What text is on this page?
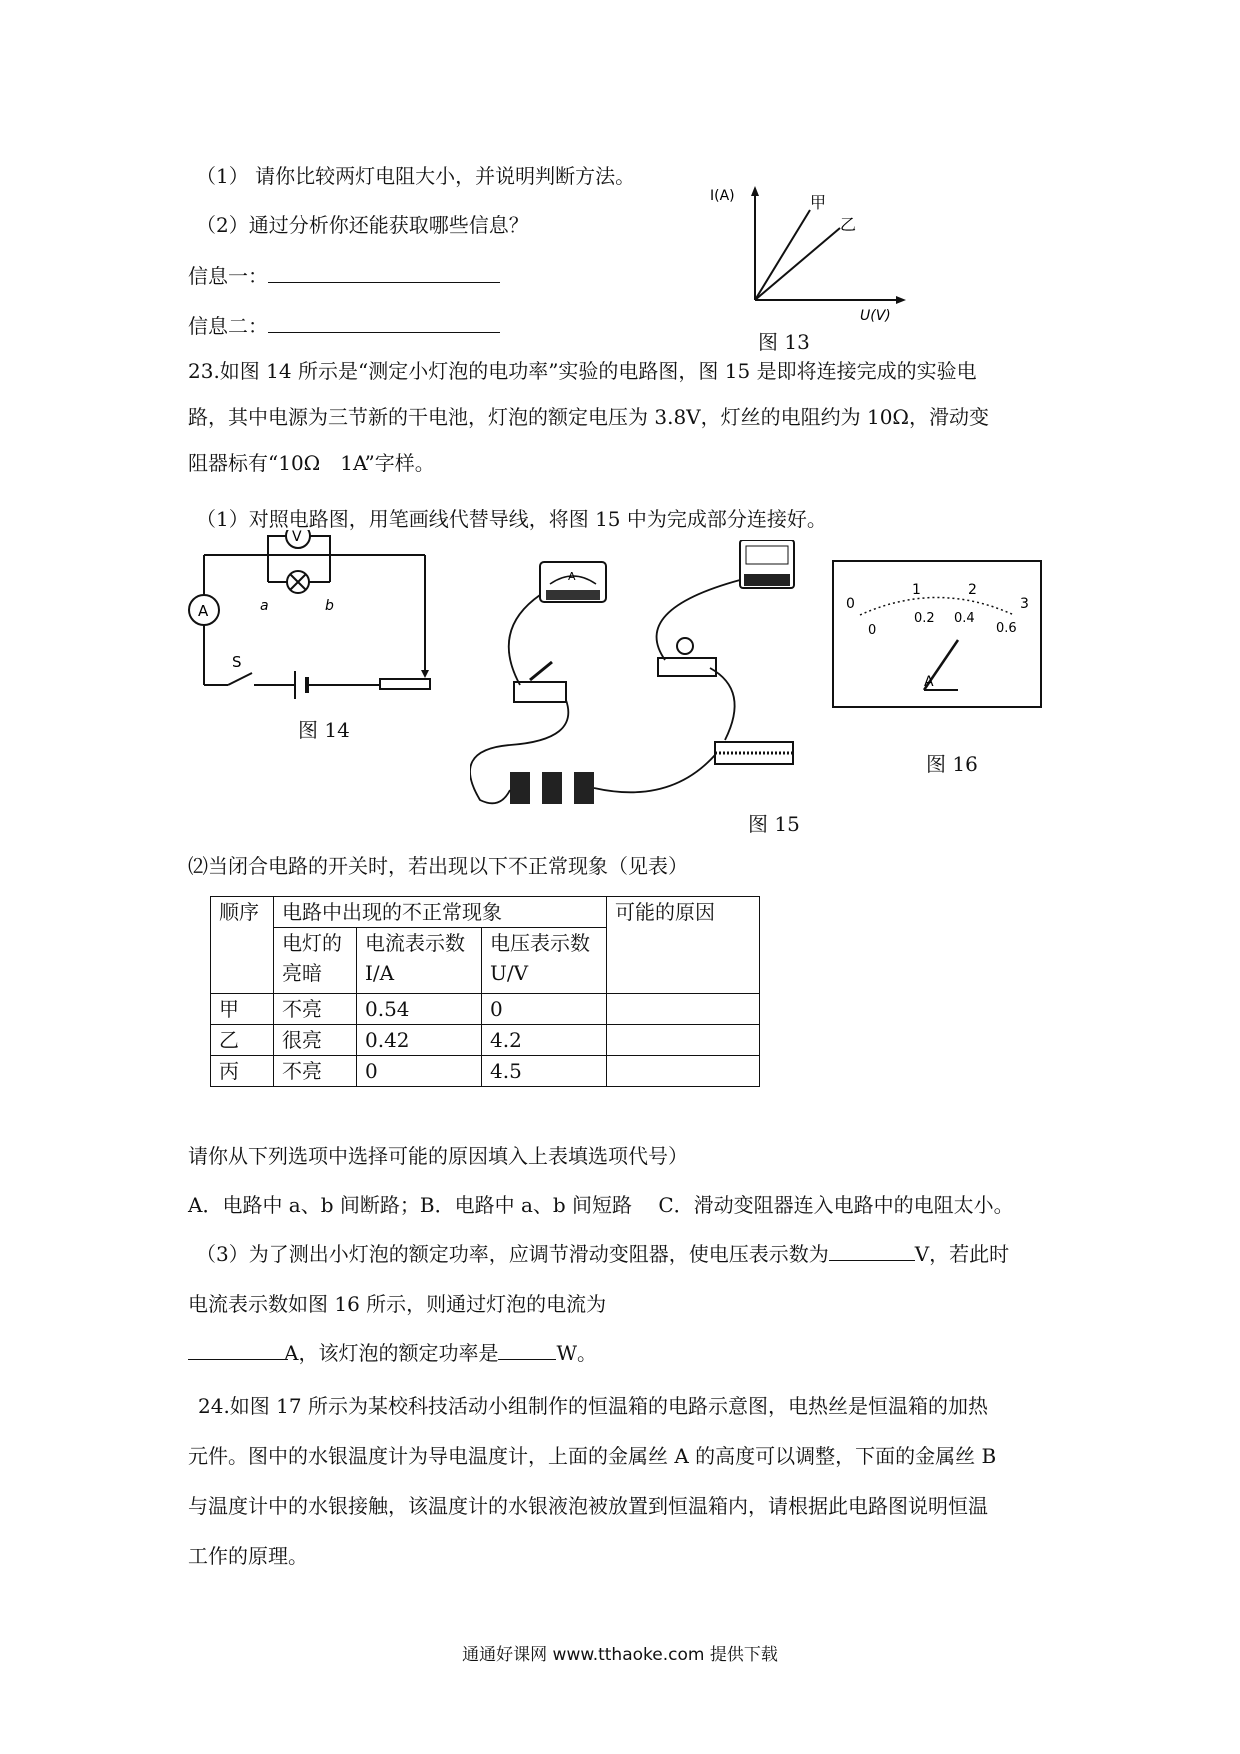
（1） 请你比较两灯电阻大小，并说明判断方法。
（2）通过分析你还能获取哪些信息？
信息一：
信息二：
I(A)	甲
乙
U(V)
图 13
23.如图 14 所示是“测定小灯泡的电功率”实验的电路图，图 15 是即将连接完成的实验电
路，其中电源为三节新的干电池，灯泡的额定电压为 3.8V，灯丝的电阻约为 10Ω，滑动变
阻器标有“10Ω　1A”字样。
（1）对照电路图，用笔画线代替导线，将图 15 中为完成部分连接好。
A
S
V
a	b
图 14
A
图 15
0
1	2
3
0
0.2 0.4
0.6
A
图 16
⑵当闭合电路的开关时，若出现以下不正常现象（见表）
顺序	电路中出现的不正常现象			可能的原因
	电灯的亮暗	电流表示数 I/A	电压表示数 U/V	
甲	不亮	0.54	0	
乙	很亮	0.42	4.2	
丙	不亮	0	4.5	
请你从下列选项中选择可能的原因填入上表填选项代号）
A．电路中 a、b 间断路；B．电路中 a、b 间短路　 C．滑动变阻器连入电路中的电阻太小。
（3）为了测出小灯泡的额定功率，应调节滑动变阻器，使电压表示数为	V，若此时
电流表示数如图 16 所示，则通过灯泡的电流为
A，该灯泡的额定功率是	W。
24.如图 17 所示为某校科技活动小组制作的恒温箱的电路示意图，电热丝是恒温箱的加热
元件。图中的水银温度计为导电温度计，上面的金属丝 A 的高度可以调整，下面的金属丝 B
与温度计中的水银接触，该温度计的水银液泡被放置到恒温箱内，请根据此电路图说明恒温
工作的原理。
通通好课网 www.tthaoke.com 提供下载
